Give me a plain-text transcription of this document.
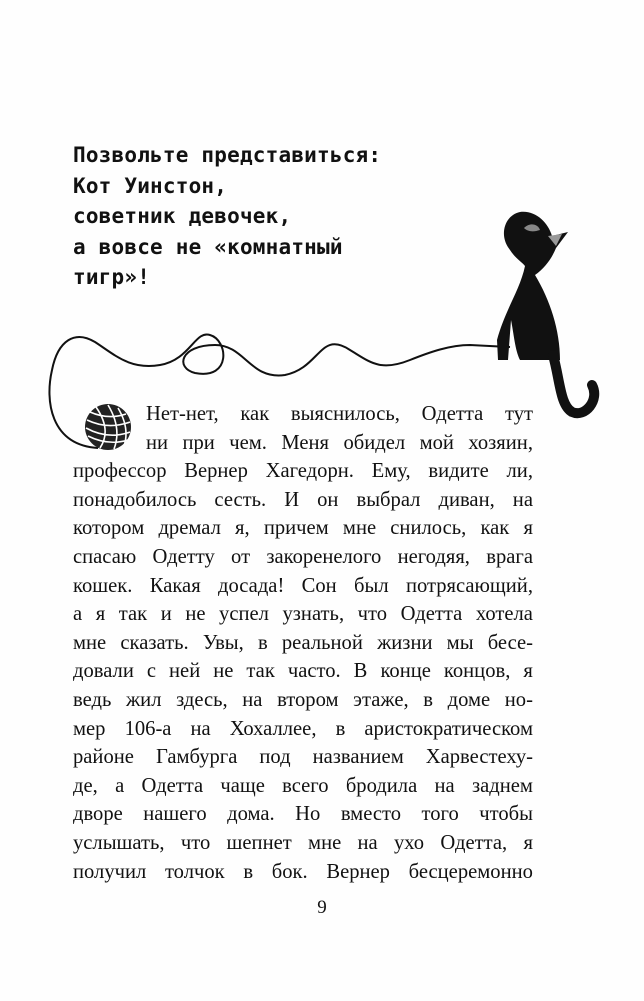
Позвольте представиться:
Кот Уинстон,
советник девочек,
а вовсе не «комнатный
тигр»!
Нет-нет, как выяснилось, Одетта тут
ни при чем. Меня обидел мой хозяин,
профессор Вернер Хагедорн. Ему, видите ли,
понадобилось сесть. И он выбрал диван, на
котором дремал я, причем мне снилось, как я
спасаю Одетту от закоренелого негодяя, врага
кошек. Какая досада! Сон был потрясающий,
а я так и не успел узнать, что Одетта хотела
мне сказать. Увы, в реальной жизни мы бесе-
довали с ней не так часто. В конце концов, я
ведь жил здесь, на втором этаже, в доме но-
мер 106-а на Хохаллее, в аристократическом
районе Гамбурга под названием Харвестеху-
де, а Одетта чаще всего бродила на заднем
дворе нашего дома. Но вместо того чтобы
услышать, что шепнет мне на ухо Одетта, я
получил толчок в бок. Вернер бесцеремонно
9
